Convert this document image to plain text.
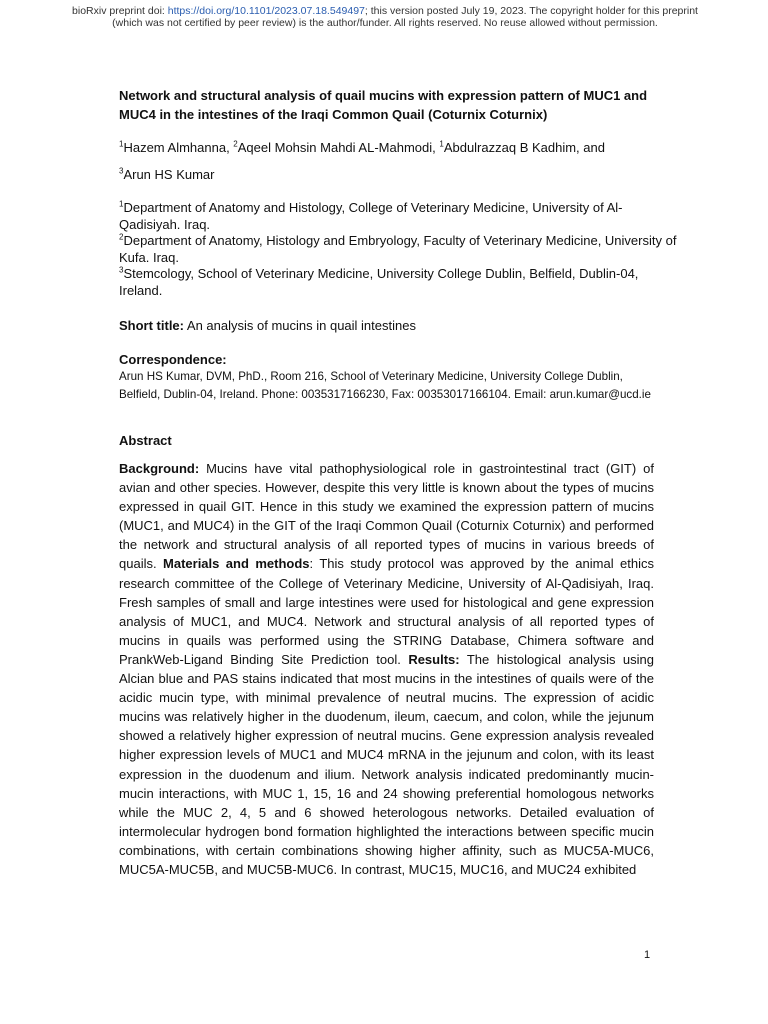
bioRxiv preprint doi: https://doi.org/10.1101/2023.07.18.549497; this version posted July 19, 2023. The copyright holder for this preprint (which was not certified by peer review) is the author/funder. All rights reserved. No reuse allowed without permission.
Network and structural analysis of quail mucins with expression pattern of MUC1 and MUC4 in the intestines of the Iraqi Common Quail (Coturnix Coturnix)
$^1$Hazem Almhanna, $^2$Aqeel Mohsin Mahdi AL-Mahmodi, $^1$Abdulrazzaq B Kadhim, and
$^3$Arun HS Kumar

$^1$Department of Anatomy and Histology, College of Veterinary Medicine, University of Al-Qadisiyah. Iraq.

$^2$Department of Anatomy, Histology and Embryology, Faculty of Veterinary Medicine, University of Kufa. Iraq.

$^3$Stemcology, School of Veterinary Medicine, University College Dublin, Belfield, Dublin-04, Ireland.

Short title: An analysis of mucins in quail intestines
Correspondence:
Arun HS Kumar, DVM, PhD., Room 216, School of Veterinary Medicine, University College Dublin, Belfield, Dublin-04, Ireland. Phone: 0035317166230, Fax: 00353017166104. Email: arun.kumar@ucd.ie
Abstract
Background: Mucins have vital pathophysiological role in gastrointestinal tract (GIT) of avian and other species. However, despite this very little is known about the types of mucins expressed in quail GIT. Hence in this study we examined the expression pattern of mucins (MUC1, and MUC4) in the GIT of the Iraqi Common Quail (Coturnix Coturnix) and performed the network and structural analysis of all reported types of mucins in various breeds of quails. Materials and methods: This study protocol was approved by the animal ethics research committee of the College of Veterinary Medicine, University of Al-Qadisiyah, Iraq. Fresh samples of small and large intestines were used for histological and gene expression analysis of MUC1, and MUC4. Network and structural analysis of all reported types of mucins in quails was performed using the STRING Database, Chimera software and PrankWeb-Ligand Binding Site Prediction tool. Results: The histological analysis using Alcian blue and PAS stains indicated that most mucins in the intestines of quails were of the acidic mucin type, with minimal prevalence of neutral mucins. The expression of acidic mucins was relatively higher in the duodenum, ileum, caecum, and colon, while the jejunum showed a relatively higher expression of neutral mucins. Gene expression analysis revealed higher expression levels of MUC1 and MUC4 mRNA in the jejunum and colon, with its least expression in the duodenum and ilium. Network analysis indicated predominantly mucin-mucin interactions, with MUC 1, 15, 16 and 24 showing preferential homologous networks while the MUC 2, 4, 5 and 6 showed heterologous networks. Detailed evaluation of intermolecular hydrogen bond formation highlighted the interactions between specific mucin combinations, with certain combinations showing higher affinity, such as MUC5A-MUC6, MUC5A-MUC5B, and MUC5B-MUC6. In contrast, MUC15, MUC16, and MUC24 exhibited
1
